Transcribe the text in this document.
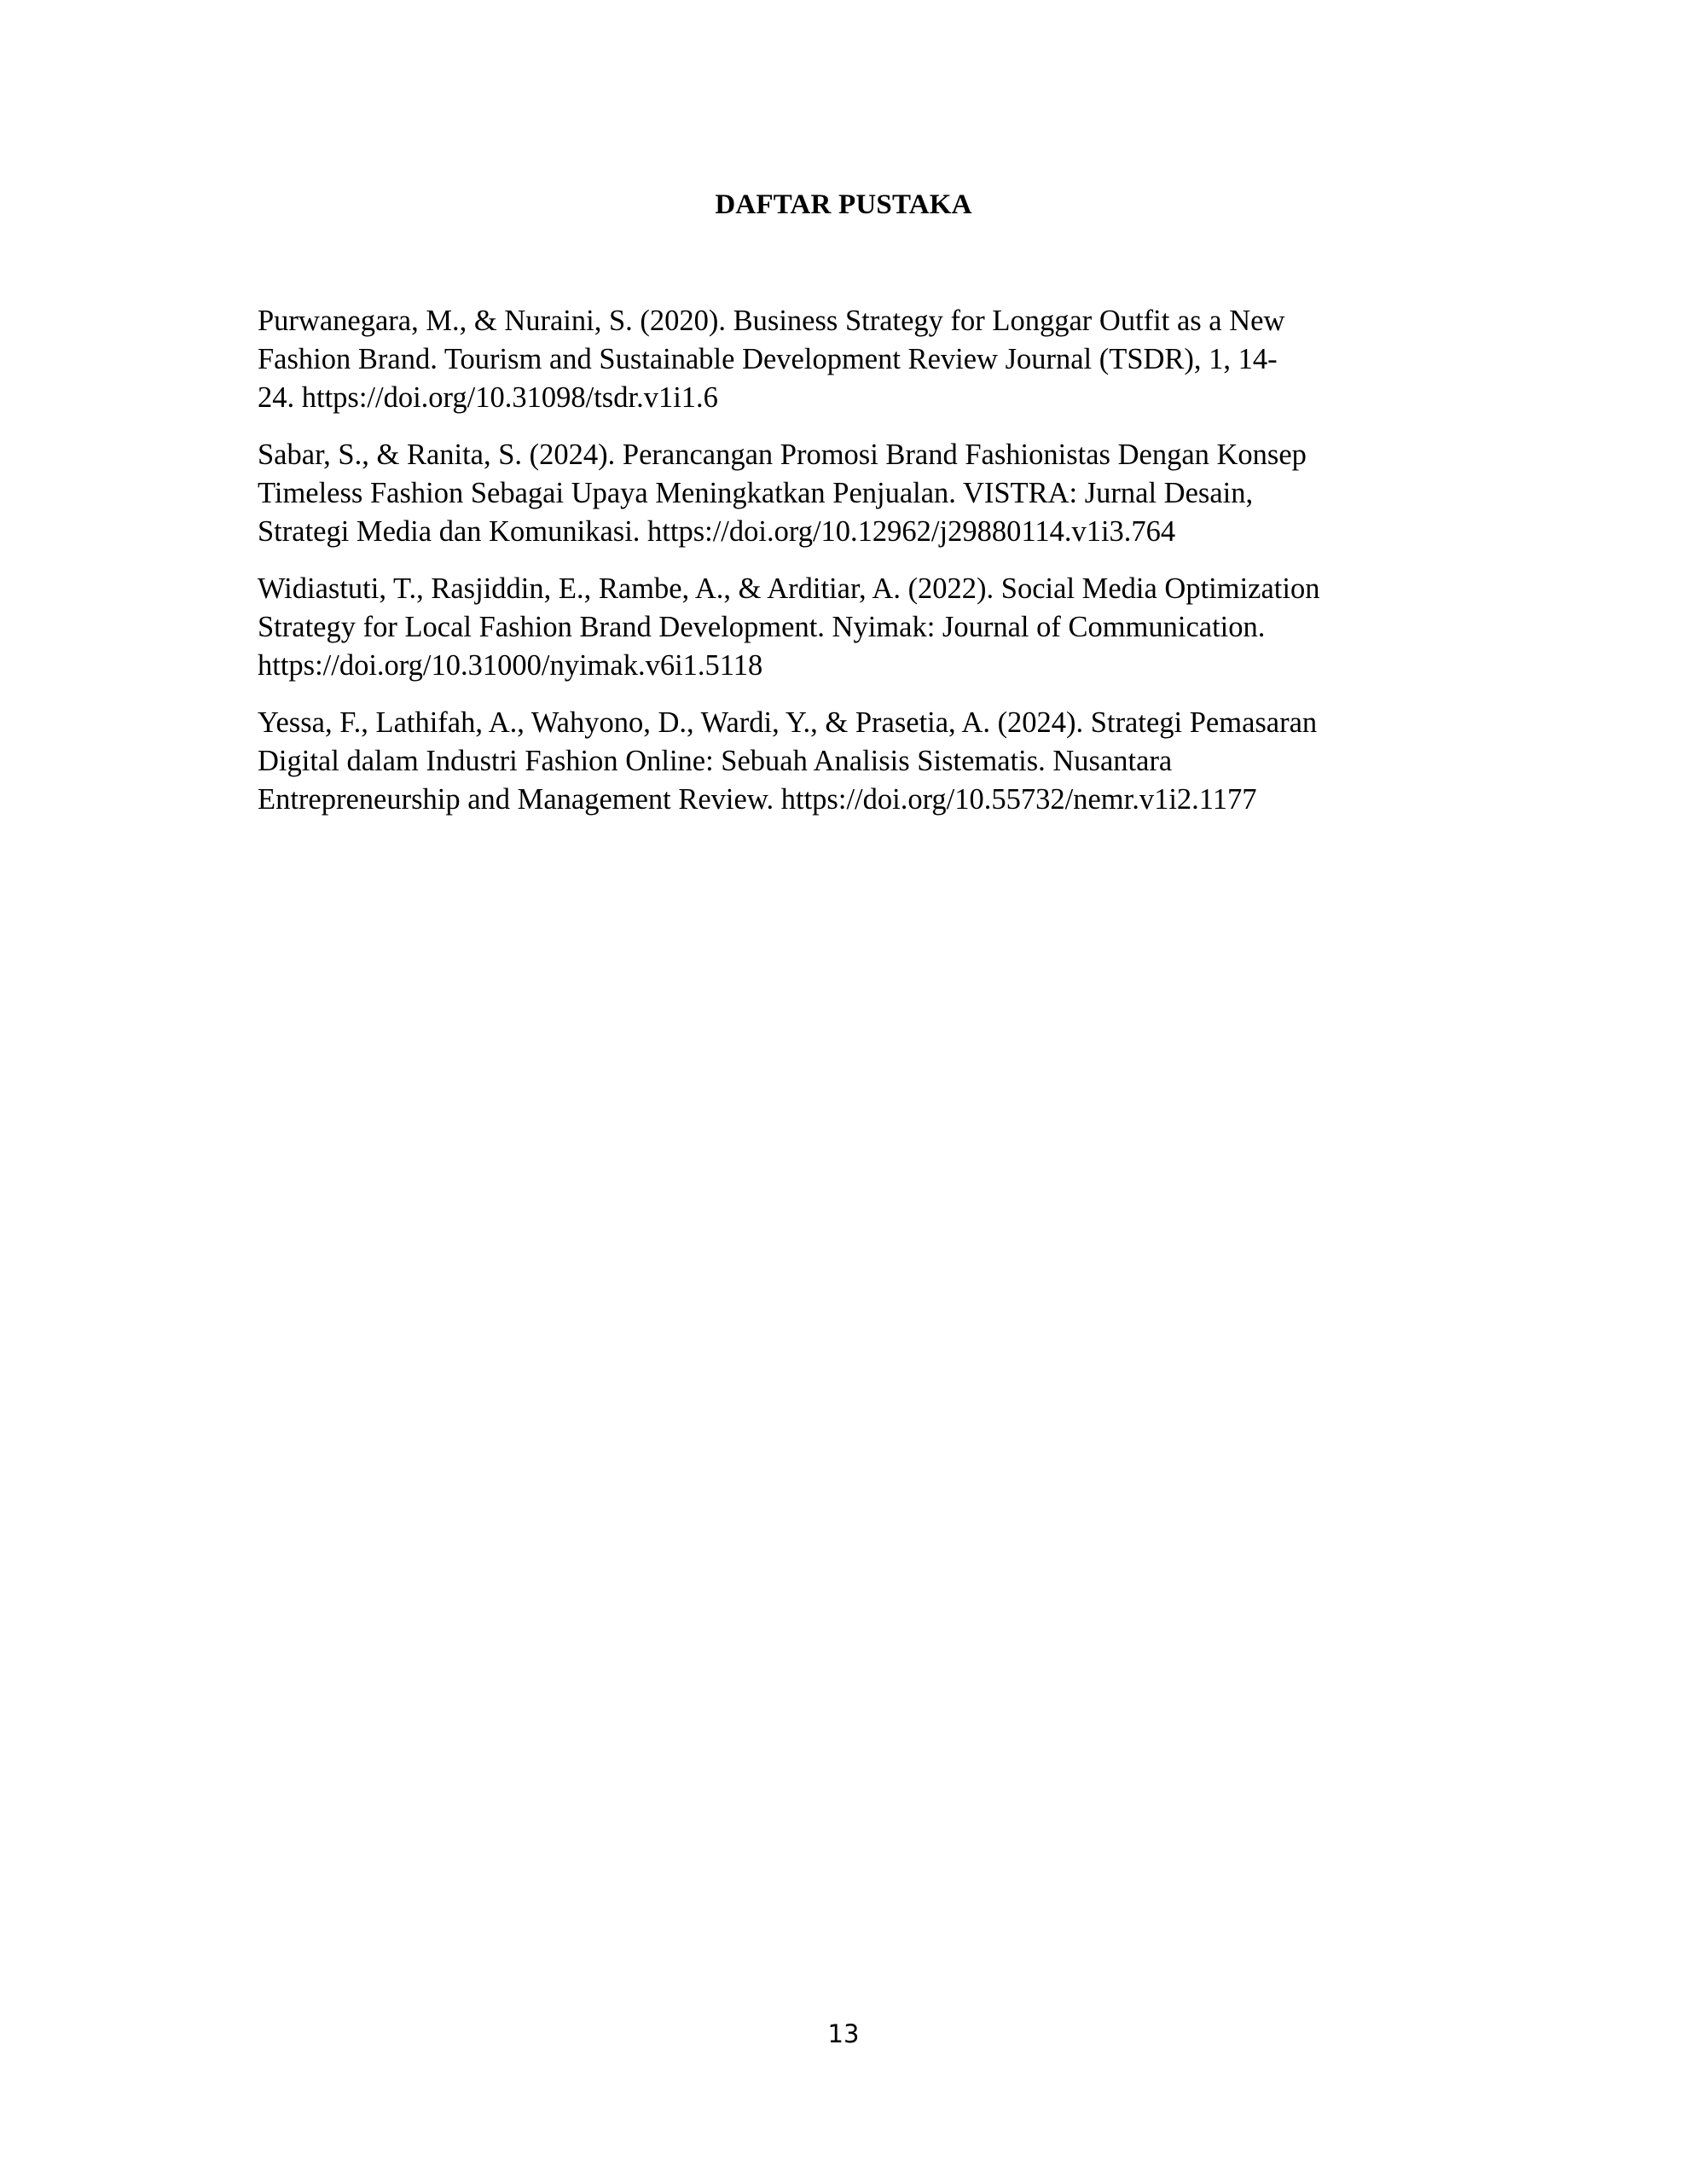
DAFTAR PUSTAKA
Purwanegara, M., & Nuraini, S. (2020). Business Strategy for Longgar Outfit as a New
Fashion Brand. Tourism and Sustainable Development Review Journal (TSDR), 1, 14-
24. https://doi.org/10.31098/tsdr.v1i1.6
Sabar, S., & Ranita, S. (2024). Perancangan Promosi Brand Fashionistas Dengan Konsep
Timeless Fashion Sebagai Upaya Meningkatkan Penjualan. VISTRA: Jurnal Desain,
Strategi Media dan Komunikasi. https://doi.org/10.12962/j29880114.v1i3.764
Widiastuti, T., Rasjiddin, E., Rambe, A., & Arditiar, A. (2022). Social Media Optimization
Strategy for Local Fashion Brand Development. Nyimak: Journal of Communication.
https://doi.org/10.31000/nyimak.v6i1.5118
Yessa, F., Lathifah, A., Wahyono, D., Wardi, Y., & Prasetia, A. (2024). Strategi Pemasaran
Digital dalam Industri Fashion Online: Sebuah Analisis Sistematis. Nusantara
Entrepreneurship and Management Review. https://doi.org/10.55732/nemr.v1i2.1177
13
